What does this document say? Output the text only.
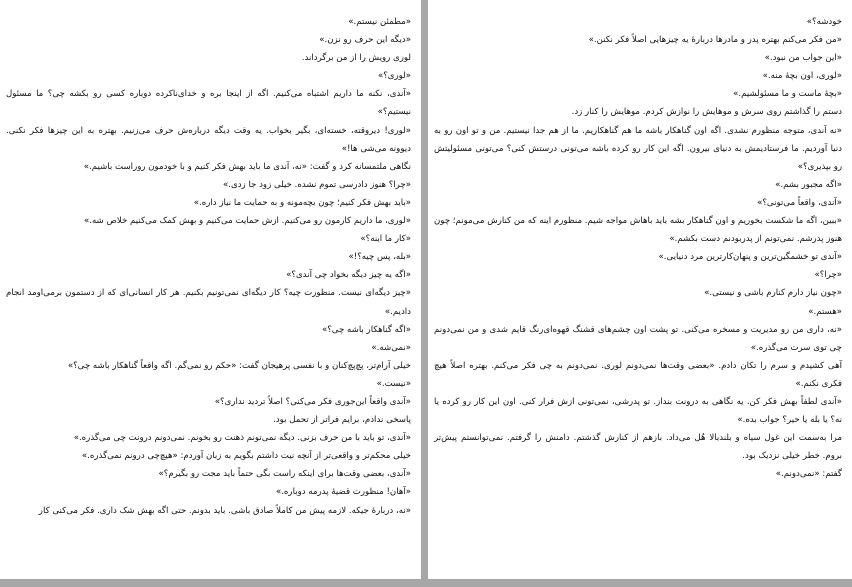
«مطمئن نیستم.»

«دیگه این حرف رو نزن.»

لوری رویش را از من برگرداند.

«لوری؟»

«آندی، نکنه ما داریم اشتباه می‌کنیم. اگه از اینجا بره و خدای‌ناکرده دوباره کسی رو بکشه چی؟ ما مسئول نیستیم؟»

«لوری! دیروقته، خسته‌ای، بگیر بخواب. یه وقت دیگه درباره‌ش حرف می‌زنیم. بهتره به این چیزها فکر نکنی. دیوونه می‌شی ها!»

نگاهی ملتمسانه کرد و گفت: «نه، آندی ما باید بهش فکر کنیم و با خودمون روراست باشیم.»

«چرا؟ هنوز دادرسی تموم نشده. خیلی زود جا زدی.»

«باید بهش فکر کنیم؛ چون بچه‌مونه و به حمایت ما نیاز داره.»

«لوری، ما داریم کارمون رو می‌کنیم. ازش حمایت می‌کنیم و بهش کمک می‌کنیم خلاص شه.»

«کار ما اینه؟»

«بله، پس چیه؟!»

«اگه یه چیز دیگه بخواد چی آندی؟»

«چیز دیگه‌ای نیست. منظورت چیه؟ کار دیگه‌ای نمی‌تونیم بکنیم. هر کار انسانی‌ای که از دستمون برمی‌اومد انجام دادیم.»

«اگه گناهکار باشه چی؟»

«نمی‌شه.»

خیلی آرام‌تر، پچ‌پچ‌کنان و با نفسی پرهیجان گفت: «حکم رو نمی‌گم. اگه واقعاً گناهکار باشه چی؟»

«نیست.»

«آندی واقعاً این‌جوری فکر می‌کنی؟ اصلاً تردید نداری؟»

پاسخی ندادم، برایم فراتر از تحمل بود.

«آندی، تو باید با من حرف بزنی. دیگه نمی‌تونم ذهنت رو بخونم. نمی‌دونم درونت چی می‌گذره.»

خیلی محکم‌تر و واقعی‌تر از آنچه نیت داشتم بگویم به زبان آوردم: «هیچ‌چی درونم نمی‌گذره.»

«آندی، بعضی وقت‌ها برای اینکه راست بگی حتماً باید مجت رو بگیرم؟»

«آهان! منظورت قضیهٔ پدرمه دوباره.»

«نه، درباره‌ٔ جیکه. لازمه پیش من کاملاً صادق باشی. باید بدونم. حتی اگه بهش شک داری. فکر می‌کنی کار

خودشه؟»

«من فکر می‌کنم بهتره پدر و مادرها دربارهٔ یه چیزهایی اصلاً فکر نکنن.»

«این جواب من نبود.»

«لوری، اون بچهٔ منه.»

«بچهٔ ماست و ما مسئولشیم.»

دستم را گذاشتم روی سرش و موهایش را نوازش کردم. موهایش را کنار زد.

«نه آندی، متوجه منظورم نشدی. اگه اون گناهکار باشه ما هم گناهکاریم. ما از هم جدا نیستیم. من و تو اون رو به دنیا آوردیم. ما فرستادیمش به دنیای بیرون. اگه این کار رو کرده باشه می‌تونی درستش کنی؟ می‌تونی مسئولیتش رو بپذیری؟»

«اگه مجبور بشم.»

«آندی، واقعاً می‌تونی؟»

«ببین، اگه ما شکست بخوریم و اون گناهکار بشه باید باهاش مواجه شیم. منظورم اینه که من کنارش می‌مونم؛ چون هنوز پدرشم. نمی‌تونم از پدربودنم دست بکشم.»

«آندی تو خشمگین‌ترین و پنهان‌کارترین مرد دنیایی.»

«چرا؟»

«چون نیاز دارم کنارم باشی و نیستی.»

«هستم.»

«نه، داری من رو مدیریت و مسخره می‌کنی. تو پشت اون چشم‌های قشنگ قهوه‌ای‌رنگ قایم شدی و من نمی‌دونم چی توی سرت می‌گذره.»

آهی کشیدم و سرم را تکان دادم. «بعضی وقت‌ها نمی‌دونم لوری. نمی‌دونم به چی فکر می‌کنم. بهتره اصلاً هیچ فکری نکنم.»

«آندی لطفاً بهش فکر کن. یه نگاهی به درونت بنداز. تو پدرشی، نمی‌تونی ازش فرار کنی. اون این کار رو کرده یا نه؟ یا بله یا خیر؟ جواب بده.»

مرا به‌سمت این غول سیاه و بلندبالا هُل می‌داد. بازهم از کنارش گذشتم. دامنش را گرفتم. نمی‌توانستم پیش‌تر بروم. خطر خیلی نزدیک بود.

گفتم: «نمی‌دونم.»
